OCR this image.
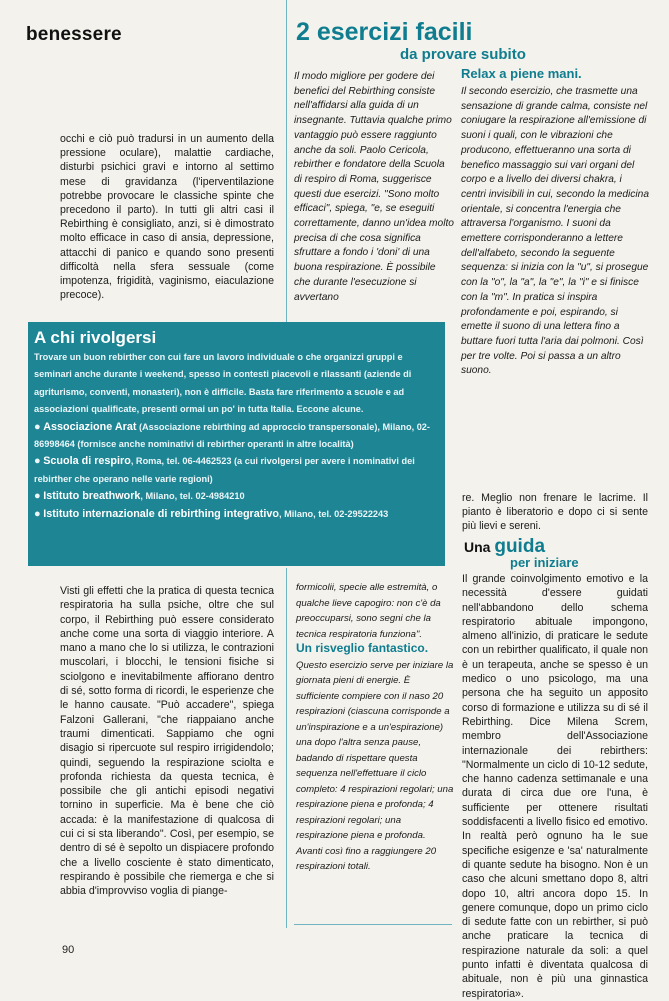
benessere	2 esercizi facili
da provare subito
occhi e ciò può tradursi in un aumento della pressione oculare), malattie cardiache, disturbi psichici gravi e intorno al settimo mese di gravidanza (l'iperventilazione potrebbe provocare le classiche spinte che precedono il parto). In tutti gli altri casi il Rebirthing è consigliato, anzi, si è dimostrato molto efficace in caso di ansia, depressione, attacchi di panico e quando sono presenti difficoltà nella sfera sessuale (come impotenza, frigidità, vaginismo, eiaculazione precoce).
Il modo migliore per godere dei benefici del Rebirthing consiste nell'affidarsi alla guida di un insegnante. Tuttavia qualche primo vantaggio può essere raggiunto anche da soli. Paolo Cericola, rebirther e fondatore della Scuola di respiro di Roma, suggerisce questi due esercizi. "Sono molto efficaci", spiega, "e, se eseguiti correttamente, danno un'idea molto precisa di che cosa significa sfruttare a fondo i 'doni' di una buona respirazione. È possibile che durante l'esecuzione si avvertano
Relax a piene mani.
Il secondo esercizio, che trasmette una sensazione di grande calma, consiste nel coniugare la respirazione all'emissione di suoni i quali, con le vibrazioni che producono, effettueranno una sorta di benefico massaggio sui vari organi del corpo e a livello dei diversi chakra, i centri invisibili in cui, secondo la medicina orientale, si concentra l'energia che attraversa l'organismo. I suoni da emettere corrisponderanno a lettere dell'alfabeto, secondo la seguente sequenza: si inizia con la "u", si prosegue con la "o", la "a", la "e", la "i" e si finisce con la "m". In pratica si inspira profondamente e poi, espirando, si emette il suono di una lettera fino a buttare fuori tutta l'aria dai polmoni. Così per tre volte. Poi si passa a un altro suono.
A chi rivolgersi

Trovare un buon rebirther con cui fare un lavoro individuale o che organizzi gruppi e seminari anche durante i weekend, spesso in contesti piacevoli e rilassanti (aziende di agriturismo, conventi, monasteri), non è difficile. Basta fare riferimento a scuole e ad associazioni qualificate, presenti ormai un po' in tutta Italia. Eccone alcune.

● Associazione Arat (Associazione rebirthing ad approccio transpersonale), Milano, 02-86998464 (fornisce anche nominativi di rebirther operanti in altre località)

● Scuola di respiro, Roma, tel. 06-4462523 (a cui rivolgersi per avere i nominativi dei rebirther che operano nelle varie regioni)

● Istituto breathwork, Milano, tel. 02-4984210

● Istituto internazionale di rebirthing integrativo, Milano, tel. 02-29522243

Visti gli effetti che la pratica di questa tecnica respiratoria ha sulla psiche, oltre che sul corpo, il Rebirthing può essere considerato anche come una sorta di viaggio interiore. A mano a mano che lo si utilizza, le contrazioni muscolari, i blocchi, le tensioni fisiche si sciolgono e inevitabilmente affiorano dentro di sé, sotto forma di ricordi, le esperienze che le hanno causate. "Può accadere", spiega Falzoni Gallerani, "che riappaiano anche traumi dimenticati. Sappiamo che ogni disagio si ripercuote sul respiro irrigidendolo; quindi, seguendo la respirazione sciolta e profonda richiesta da questa tecnica, è possibile che gli antichi episodi negativi tornino in superficie. Ma è bene che ciò accada: è la manifestazione di qualcosa di cui ci si sta liberando". Così, per esempio, se dentro di sé è sepolto un dispiacere profondo che a livello cosciente è stato dimenticato, respirando è possibile che riemerga e che si abbia d'improvviso voglia di piange-
formicolii, specie alle estremità, o qualche lieve capogiro: non c'è da preoccuparsi, sono segni che la tecnica respiratoria funziona".
Un risveglio fantastico. Questo esercizio serve per iniziare la giornata pieni di energie. È sufficiente compiere con il naso 20 respirazioni (ciascuna corrisponde a un'inspirazione e a un'espirazione) una dopo l'altra senza pause, badando di rispettare questa sequenza nell'effettuare il ciclo completo: 4 respirazioni regolari; una respirazione piena e profonda; 4 respirazioni regolari; una respirazione piena e profonda. Avanti così fino a raggiungere 20 respirazioni totali.
re. Meglio non frenare le lacrime. Il pianto è liberatorio e dopo ci si sente più lievi e sereni.
Una guida
per iniziare
Il grande coinvolgimento emotivo e la necessità d'essere guidati nell'abbandono dello schema respiratorio abituale impongono, almeno all'inizio, di praticare le sedute con un rebirther qualificato, il quale non è un terapeuta, anche se spesso è un medico o uno psicologo, ma una persona che ha seguito un apposito corso di formazione e utilizza su di sé il Rebirthing. Dice Milena Screm, membro dell'Associazione internazionale dei rebirthers: "Normalmente un ciclo di 10-12 sedute, che hanno cadenza settimanale e una durata di circa due ore l'una, è sufficiente per ottenere risultati soddisfacenti a livello fisico ed emotivo. In realtà però ognuno ha le sue specifiche esigenze e 'sa' naturalmente di quante sedute ha bisogno. Non è un caso che alcuni smettano dopo 8, altri dopo 10, altri ancora dopo 15. In genere comunque, dopo un primo ciclo di sedute fatte con un rebirther, si può anche praticare la tecnica di respirazione naturale da soli: a quel punto infatti è diventata qualcosa di abituale, non è più una ginnastica respiratoria».
90
